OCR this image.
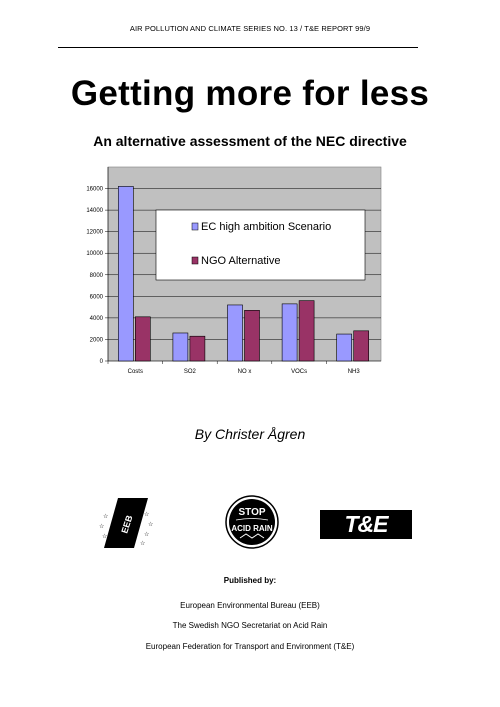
AIR POLLUTION AND CLIMATE SERIES NO. 13 / T&E REPORT 99/9
Getting more for less
An alternative assessment of the NEC directive
0
2000
4000
6000
8000
10000
12000
14000
16000
Costs	SO2	NO x	VOCs	NH3
EC high ambition Scenario
NGO Alternative
By Christer Ågren
EEB
☆
☆
☆
☆
☆
☆
☆
☆
STOP
ACID RAIN	T&E
Published by:
European Environmental Bureau (EEB)
The Swedish NGO Secretariat on Acid Rain
European Federation for Transport and Environment (T&E)
